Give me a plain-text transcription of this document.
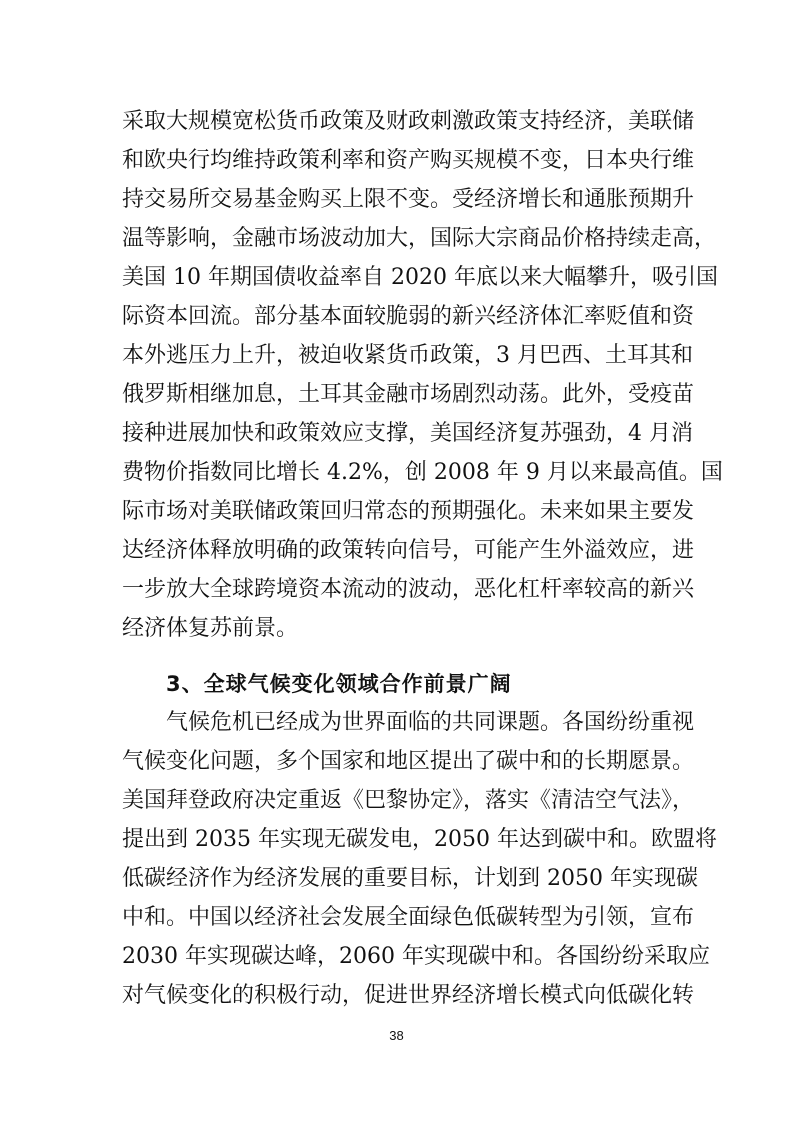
采取大规模宽松货币政策及财政刺激政策支持经济，美联储
和欧央行均维持政策利率和资产购买规模不变，日本央行维
持交易所交易基金购买上限不变。受经济增长和通胀预期升
温等影响，金融市场波动加大，国际大宗商品价格持续走高，
美国 10 年期国债收益率自 2020 年底以来大幅攀升，吸引国
际资本回流。部分基本面较脆弱的新兴经济体汇率贬值和资
本外逃压力上升，被迫收紧货币政策，3 月巴西、土耳其和
俄罗斯相继加息，土耳其金融市场剧烈动荡。此外，受疫苗
接种进展加快和政策效应支撑，美国经济复苏强劲，4 月消
费物价指数同比增长 4.2%，创 2008 年 9 月以来最高值。国
际市场对美联储政策回归常态的预期强化。未来如果主要发
达经济体释放明确的政策转向信号，可能产生外溢效应，进
一步放大全球跨境资本流动的波动，恶化杠杆率较高的新兴
经济体复苏前景。
3、全球气候变化领域合作前景广阔
气候危机已经成为世界面临的共同课题。各国纷纷重视
气候变化问题，多个国家和地区提出了碳中和的长期愿景。
美国拜登政府决定重返《巴黎协定》，落实《清洁空气法》，
提出到 2035 年实现无碳发电，2050 年达到碳中和。欧盟将
低碳经济作为经济发展的重要目标，计划到 2050 年实现碳
中和。中国以经济社会发展全面绿色低碳转型为引领，宣布
2030 年实现碳达峰，2060 年实现碳中和。各国纷纷采取应
对气候变化的积极行动，促进世界经济增长模式向低碳化转
38
